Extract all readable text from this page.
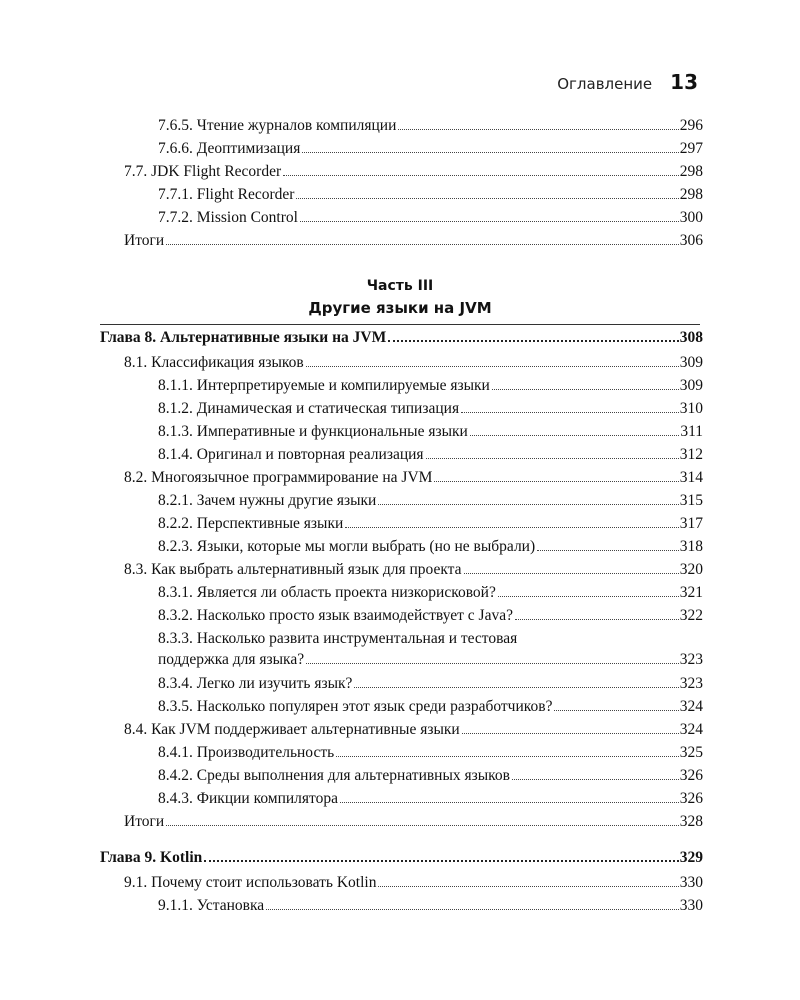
Оглавление 13
7.6.5. Чтение журналов компиляции	296
7.6.6. Деоптимизация	297
7.7. JDK Flight Recorder	298
7.7.1. Flight Recorder	298
7.7.2. Mission Control	300
Итоги	306
Часть III
Другие языки на JVM
Глава 8. Альтернативные языки на JVM	308
8.1. Классификация языков	309
8.1.1. Интерпретируемые и компилируемые языки	309
8.1.2. Динамическая и статическая типизация	310
8.1.3. Императивные и функциональные языки	311
8.1.4. Оригинал и повторная реализация	312
8.2. Многоязычное программирование на JVM	314
8.2.1. Зачем нужны другие языки	315
8.2.2. Перспективные языки	317
8.2.3. Языки, которые мы могли выбрать (но не выбрали)	318
8.3. Как выбрать альтернативный язык для проекта	320
8.3.1. Является ли область проекта низкорисковой?	321
8.3.2. Насколько просто язык взаимодействует с Java?	322
8.3.3. Насколько развита инструментальная и тестовая
поддержка для языка?	323
8.3.4. Легко ли изучить язык?	323
8.3.5. Насколько популярен этот язык среди разработчиков?	324
8.4. Как JVM поддерживает альтернативные языки	324
8.4.1. Производительность	325
8.4.2. Среды выполнения для альтернативных языков	326
8.4.3. Фикции компилятора	326
Итоги	328
Глава 9. Kotlin	329
9.1. Почему стоит использовать Kotlin	330
9.1.1. Установка	330
